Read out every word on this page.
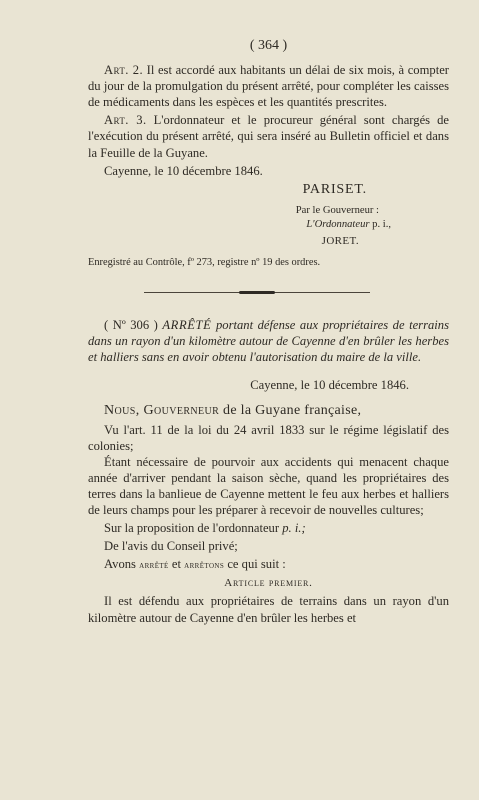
( 364 )

Art. 2. Il est accordé aux habitants un délai de six mois, à compter du jour de la promulgation du présent arrêté, pour compléter les caisses de médicaments dans les espèces et les quantités prescrites.

Art. 3. L'ordonnateur et le procureur général sont chargés de l'exécution du présent arrêté, qui sera inséré au Bulletin officiel et dans la Feuille de la Guyane.

Cayenne, le 10 décembre 1846.

PARISET.

Par le Gouverneur :

L'Ordonnateur p. i.,

JORET.

Enregistré au Contrôle, fº 273, registre nº 19 des ordres.

( Nº 306 ) ARRÊTÉ portant défense aux propriétaires de terrains dans un rayon d'un kilomètre autour de Cayenne d'en brûler les herbes et halliers sans en avoir obtenu l'autorisation du maire de la ville.

Cayenne, le 10 décembre 1846.

Nous, Gouverneur de la Guyane française,

Vu l'art. 11 de la loi du 24 avril 1833 sur le régime législatif des colonies;

Étant nécessaire de pourvoir aux accidents qui menacent chaque année d'arriver pendant la saison sèche, quand les propriétaires des terres dans la banlieue de Cayenne mettent le feu aux herbes et halliers de leurs champs pour les préparer à recevoir de nouvelles cultures;

Sur la proposition de l'ordonnateur p. i.;

De l'avis du Conseil privé;

Avons arrêté et arrêtons ce qui suit :

Article premier.

Il est défendu aux propriétaires de terrains dans un rayon d'un kilomètre autour de Cayenne d'en brûler les herbes et
